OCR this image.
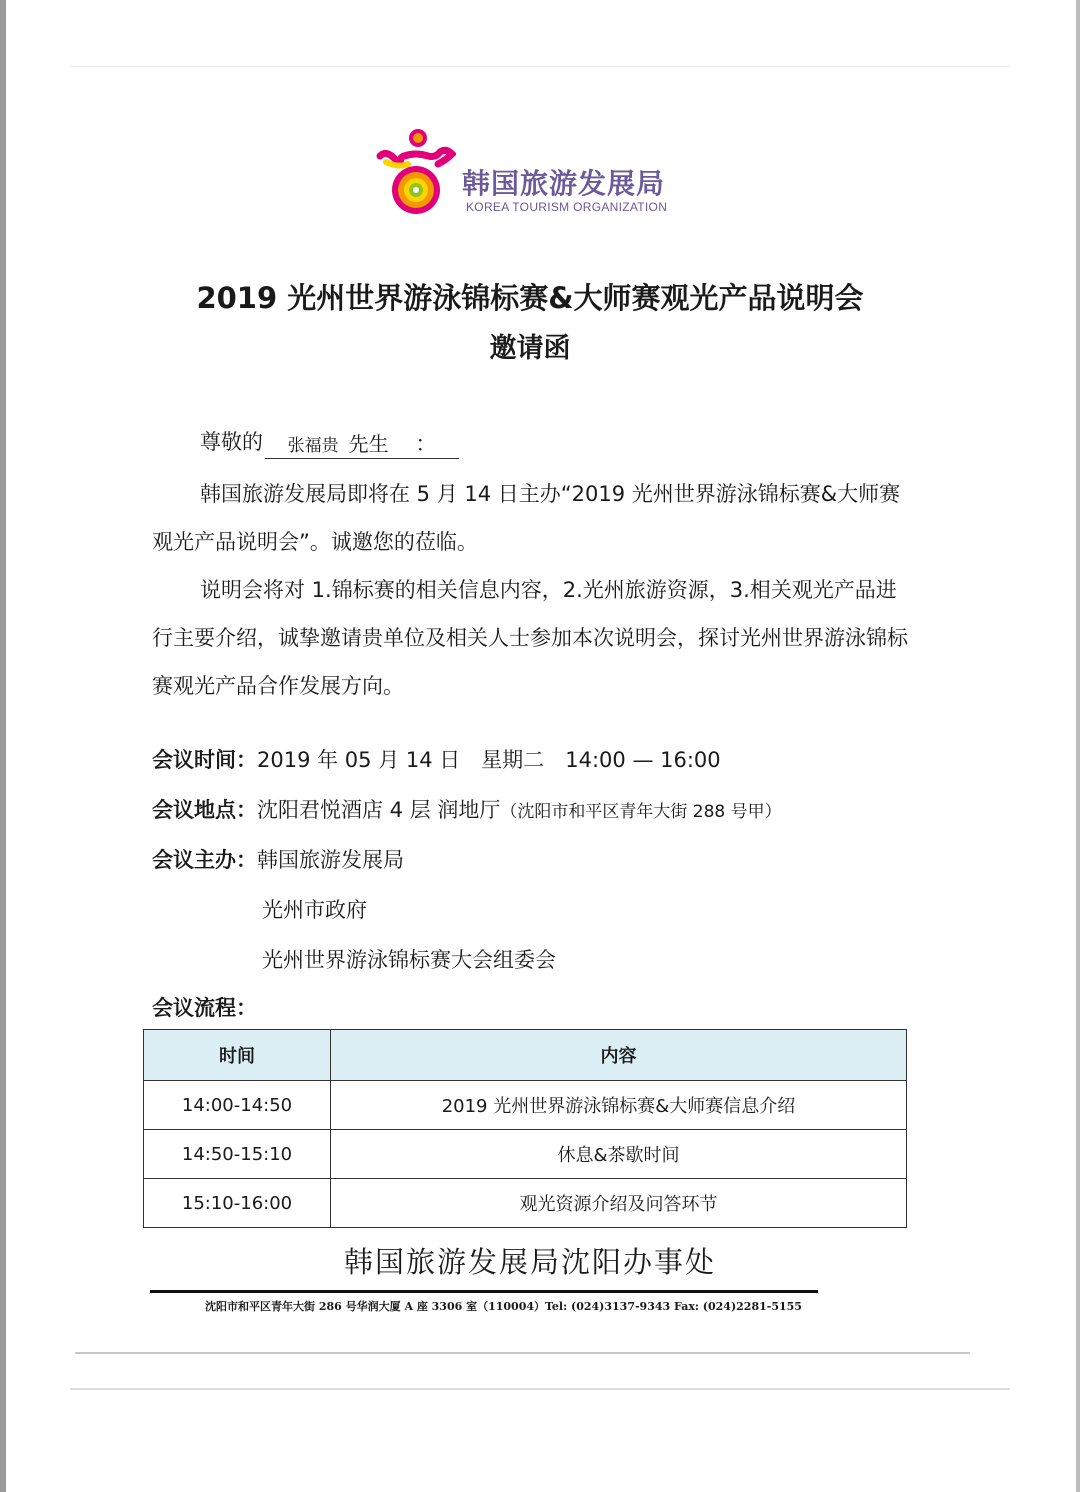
韩国旅游发展局
KOREA TOURISM ORGANIZATION
2019 光州世界游泳锦标赛&大师赛观光产品说明会
邀请函
尊敬的 张福贵 先生 ：
韩国旅游发展局即将在 5 月 14 日主办“2019 光州世界游泳锦标赛&大师赛观光产品说明会”。诚邀您的莅临。
说明会将对 1.锦标赛的相关信息内容，2.光州旅游资源，3.相关观光产品进行主要介绍，诚挚邀请贵单位及相关人士参加本次说明会，探讨光州世界游泳锦标赛观光产品合作发展方向。
会议时间：2019 年 05 月 14 日　星期二　14:00 — 16:00
会议地点：沈阳君悦酒店 4 层 润地厅（沈阳市和平区青年大街 288 号甲）
会议主办：韩国旅游发展局
光州市政府
光州世界游泳锦标赛大会组委会
会议流程：
时间	内容
14:00-14:50	2019 光州世界游泳锦标赛&大师赛信息介绍
14:50-15:10	休息&茶歇时间
15:10-16:00	观光资源介绍及问答环节
韩国旅游发展局沈阳办事处
沈阳市和平区青年大街 286 号华润大厦 A 座 3306 室（110004）Tel: (024)3137-9343 Fax: (024)2281-5155
